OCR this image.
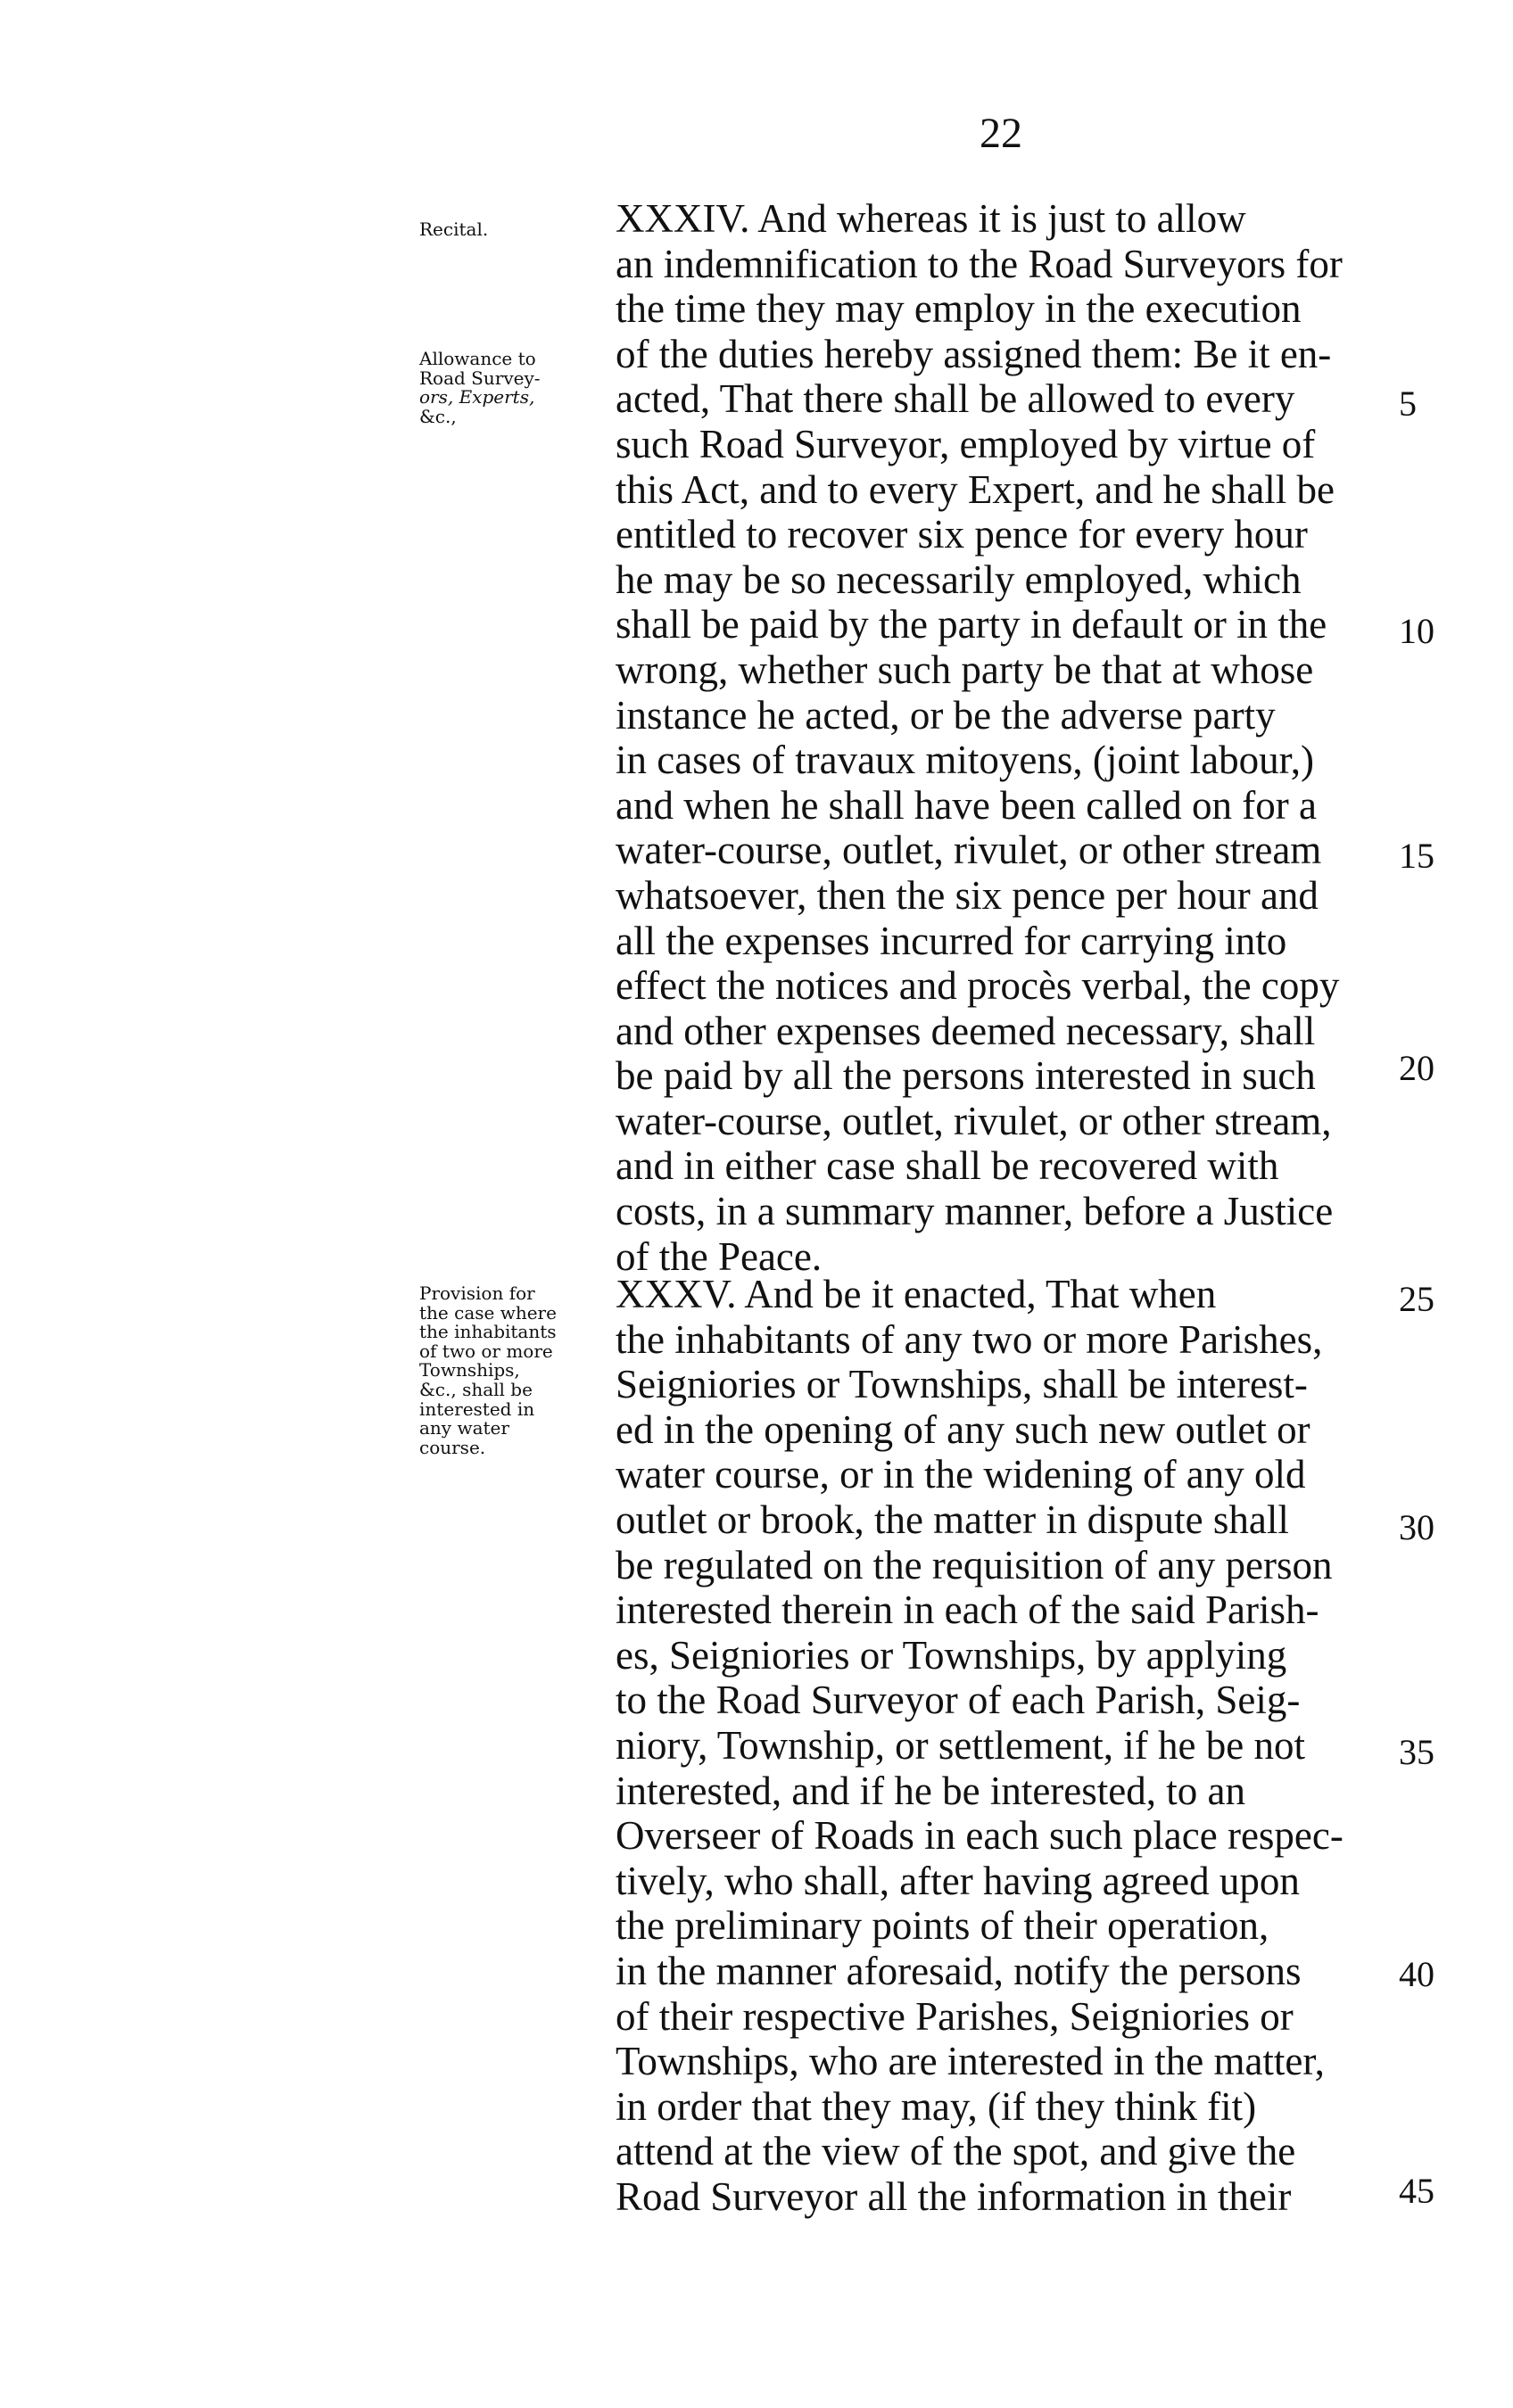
22
Recital.
Allowance to
Road Survey-
ors, Experts,
&c.,
Provision for
the case where
the inhabitants
of two or more
Townships,
&c., shall be
interested in
any water
course.
XXXIV. And whereas it is just to allow
an indemnification to the Road Surveyors for
the time they may employ in the execution
of the duties hereby assigned them: Be it en-
acted, That there shall be allowed to every
such Road Surveyor, employed by virtue of
this Act, and to every Expert, and he shall be
entitled to recover six pence for every hour
he may be so necessarily employed, which
shall be paid by the party in default or in the
wrong, whether such party be that at whose
instance he acted, or be the adverse party
in cases of travaux mitoyens, (joint labour,)
and when he shall have been called on for a
water-course, outlet, rivulet, or other stream
whatsoever, then the six pence per hour and
all the expenses incurred for carrying into
effect the notices and procès verbal, the copy
and other expenses deemed necessary, shall
be paid by all the persons interested in such
water-course, outlet, rivulet, or other stream,
and in either case shall be recovered with
costs, in a summary manner, before a Justice
of the Peace.
XXXV. And be it enacted, That when
the inhabitants of any two or more Parishes,
Seigniories or Townships, shall be interest-
ed in the opening of any such new outlet or
water course, or in the widening of any old
outlet or brook, the matter in dispute shall
be regulated on the requisition of any person
interested therein in each of the said Parish-
es, Seigniories or Townships, by applying
to the Road Surveyor of each Parish, Seig-
niory, Township, or settlement, if he be not
interested, and if he be interested, to an
Overseer of Roads in each such place respec-
tively, who shall, after having agreed upon
the preliminary points of their operation,
in the manner aforesaid, notify the persons
of their respective Parishes, Seigniories or
Townships, who are interested in the matter,
in order that they may, (if they think fit)
attend at the view of the spot, and give the
Road Surveyor all the information in their
5
10
15
20
25
30
35
40
45
